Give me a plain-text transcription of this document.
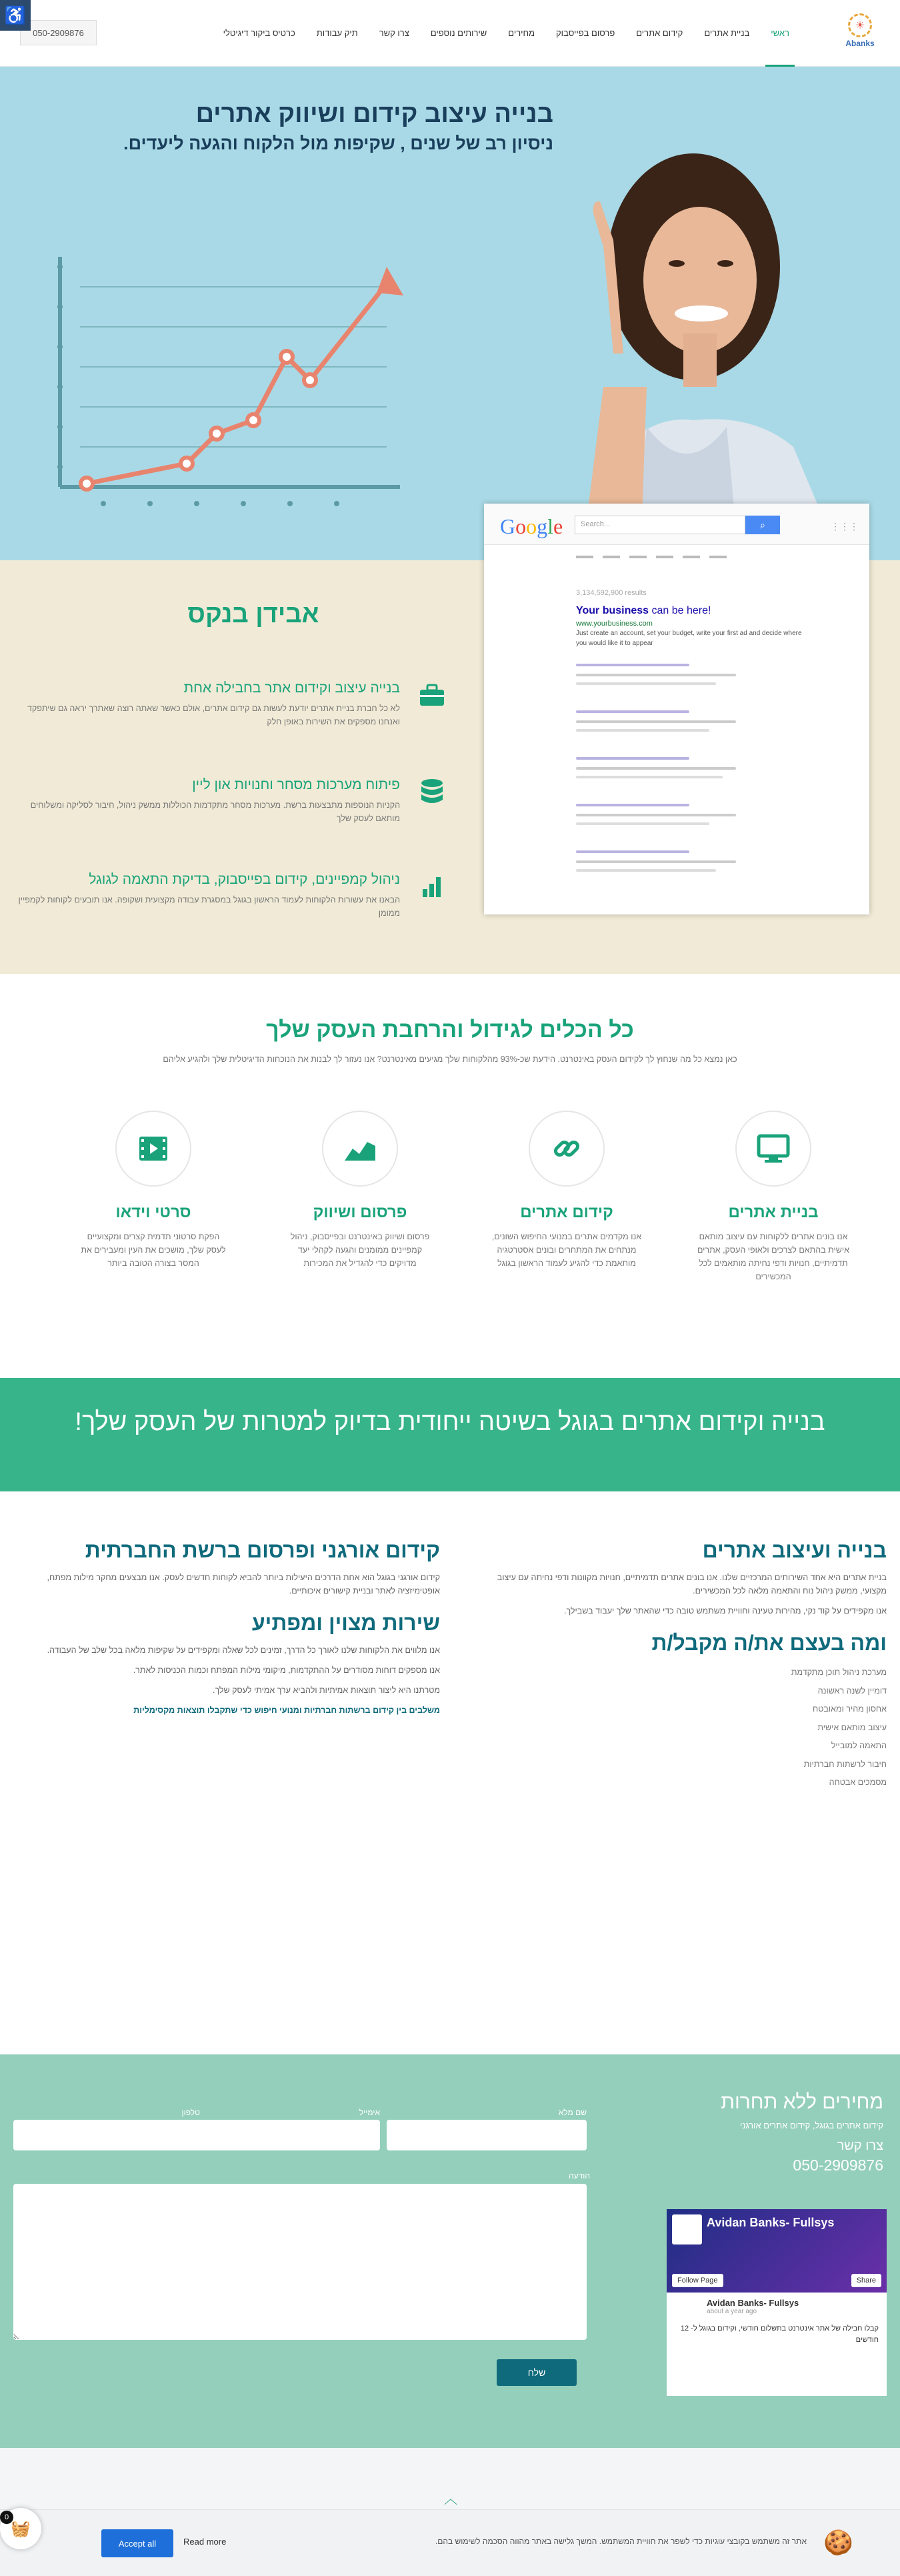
☀
Abanks
ראשי
בניית אתרים
קידום אתרים
פרסום בפייסבוק
מחירים
שירותים נוספים
צרו קשר
תיק עבודות
כרטיס ביקור דיגיטלי
050-2909876
♿
בנייה עיצוב קידום ושיווק אתרים
ניסיון רב של שנים , שקיפות מול הלקוח והגעה ליעדים.
אבידן בנקס
בנייה עיצוב וקידום אתר בחבילה אחת

לא כל חברת בניית אתרים יודעת לעשות גם קידום אתרים, אולם כאשר שאתה רוצה שאתרך יראה גם שיתפקד ואנחנו מספקים את השירות באופן חלק

פיתוח מערכות מסחר וחנויות און ליין

הקניות הנוספות מתבצעות ברשת. מערכות מסחר מתקדמות הכוללות ממשק ניהול, חיבור לסליקה ומשלוחים מותאם לעסק שלך

ניהול קמפיינים, קידום בפייסבוק, בדיקת התאמה לגוגל

הבאנו את עשורות הלקוחות לעמוד הראשון בגוגל במסגרת עבודה מקצועית ושקופה. אנו תובעים לקוחות לקמפיין ממומן

Google	Search...	⌕	⋮⋮⋮
3,134,592,900 results
Your business can be here!
www.yourbusiness.com
Just create an account, set your budget, write your first ad and decide where
you would like it to appear
כל הכלים לגידול והרחבת העסק שלך

כאן נמצא כל מה שנחוץ לך לקידום העסק באינטרנט. הידעת שכ-93% מהלקוחות שלך מגיעים מאינטרנט? אנו נעזור לך לבנות את הנוכחות הדיגיטלית שלך ולהגיע אליהם

בניית אתרים

אנו בונים אתרים ללקוחות עם עיצוב מותאם אישית בהתאם לצרכים ולאופי העסק, אתרים תדמיתיים, חנויות ודפי נחיתה מותאמים לכל המכשירים

קידום אתרים

אנו מקדמים אתרים במנועי החיפוש השונים, מנתחים את המתחרים ובונים אסטרטגיה מותאמת כדי להגיע לעמוד הראשון בגוגל

פרסום ושיווק

פרסום ושיווק באינטרנט ובפייסבוק, ניהול קמפיינים ממומנים והגעה לקהלי יעד מדויקים כדי להגדיל את המכירות

סרטי וידאו

הפקת סרטוני תדמית קצרים ומקצועיים לעסק שלך, מושכים את העין ומעבירים את המסר בצורה הטובה ביותר

בנייה וקידום אתרים בגוגל בשיטה ייחודית בדיוק למטרות של העסק שלך!
בנייה ועיצוב אתרים

בניית אתרים היא אחד השירותים המרכזיים שלנו. אנו בונים אתרים תדמיתיים, חנויות מקוונות ודפי נחיתה עם עיצוב מקצועי, ממשק ניהול נוח והתאמה מלאה לכל המכשירים.

אנו מקפידים על קוד נקי, מהירות טעינה וחוויית משתמש טובה כדי שהאתר שלך יעבוד בשבילך.

ומה בעצם את/ה מקבל/ת
מערכת ניהול תוכן מתקדמת
דומיין לשנה ראשונה
אחסון מהיר ומאובטח
עיצוב מותאם אישית
התאמה למובייל
חיבור לרשתות חברתיות
מסמכים אבטחה
קידום אורגני ופרסום ברשת החברתית

קידום אורגני בגוגל הוא אחת הדרכים היעילות ביותר להביא לקוחות חדשים לעסק. אנו מבצעים מחקר מילות מפתח, אופטימיזציה לאתר ובניית קישורים איכותיים.

שירות מצוין ומפתיע

אנו מלווים את הלקוחות שלנו לאורך כל הדרך, זמינים לכל שאלה ומקפידים על שקיפות מלאה בכל שלב של העבודה.

אנו מספקים דוחות מסודרים על ההתקדמות, מיקומי מילות המפתח וכמות הכניסות לאתר.

מטרתנו היא ליצור תוצאות אמיתיות ולהביא ערך אמיתי לעסק שלך.

משלבים בין קידום ברשתות חברתיות ומנועי חיפוש כדי שתקבלו תוצאות מקסימליות

מחירים ללא תחרות

קידום אתרים בגוגל, קידום אתרים אורגני

צרו קשר

050-2909876
שם מלא
אימייל
טלפון
הודעה
שלח
Avidan Banks- Fullsys
Follow Page	Share
Avidan Banks- Fullsys
about a year ago
קבלו חבילה של אתר אינטרנט בתשלום חודשי, וקידום בגוגל ל- 12 חודשים
︿
🍪
אתר זה משתמש בקובצי עוגיות כדי לשפר את חוויית המשתמש. המשך גלישה באתר מהווה הסכמה לשימוש בהם.
Read more
Accept all
🧺
0
